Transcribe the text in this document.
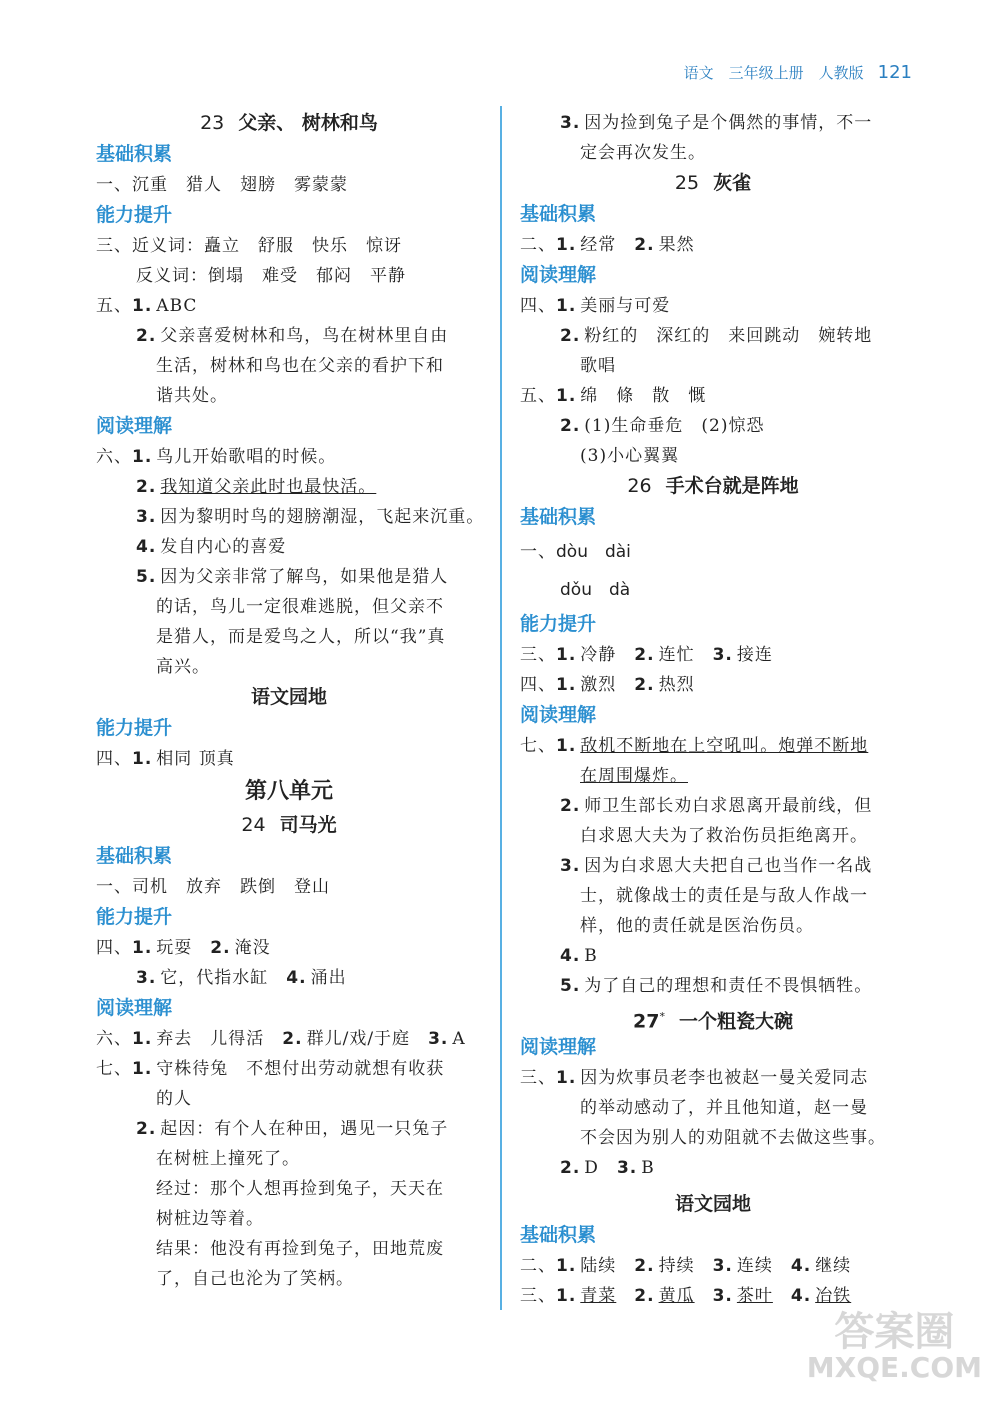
语文　三年级上册　人教版 121
23 父亲、 树林和鸟
基础积累
一、沉重　猎人　翅膀　雾蒙蒙
能力提升
三、近义词：矗立　舒服　快乐　惊讶
反义词：倒塌　难受　郁闷　平静
五、1. ABC
2. 父亲喜爱树林和鸟，鸟在树林里自由
生活，树林和鸟也在父亲的看护下和
谐共处。
阅读理解
六、1. 鸟儿开始歌唱的时候。
2. 我知道父亲此时也最快活。
3. 因为黎明时鸟的翅膀潮湿，飞起来沉重。
4. 发自内心的喜爱
5. 因为父亲非常了解鸟，如果他是猎人
的话，鸟儿一定很难逃脱，但父亲不
是猎人，而是爱鸟之人，所以“我”真
高兴。
语文园地
能力提升
四、1. 相同 顶真
第八单元
24 司马光
基础积累
一、司机　放弃　跌倒　登山
能力提升
四、1. 玩耍　2. 淹没
3. 它，代指水缸　4. 涌出
阅读理解
六、1. 弃去　儿得活　2. 群儿/戏/于庭　3. A
七、1. 守株待兔　不想付出劳动就想有收获
的人
2. 起因：有个人在种田，遇见一只兔子
在树桩上撞死了。
经过：那个人想再捡到兔子，天天在
树桩边等着。
结果：他没有再捡到兔子，田地荒废
了，自己也沦为了笑柄。
3. 因为捡到兔子是个偶然的事情，不一
定会再次发生。
25 灰雀
基础积累
二、1. 经常　2. 果然
阅读理解
四、1. 美丽与可爱
2. 粉红的　深红的　来回跳动　婉转地
歌唱
五、1. 绵　條　散　慨
2. (1)生命垂危　(2)惊恐
(3)小心翼翼
26 手术台就是阵地
基础积累
一、dòu　dài
dǒu　dà
能力提升
三、1. 冷静　2. 连忙　3. 接连
四、1. 激烈　2. 热烈
阅读理解
七、1. 敌机不断地在上空吼叫。炮弹不断地
在周围爆炸。
2. 师卫生部长劝白求恩离开最前线，但
白求恩大夫为了救治伤员拒绝离开。
3. 因为白求恩大夫把自己也当作一名战
士，就像战士的责任是与敌人作战一
样，他的责任就是医治伤员。
4. B
5. 为了自己的理想和责任不畏惧牺牲。
27* 一个粗瓷大碗
阅读理解
三、1. 因为炊事员老李也被赵一曼关爱同志
的举动感动了，并且他知道，赵一曼
不会因为别人的劝阻就不去做这些事。
2. D　3. B
语文园地
基础积累
二、1. 陆续　2. 持续　3. 连续　4. 继续
三、1. 青菜　 2. 黄瓜　 3. 茶叶　 4. 冶铁
答案圈
MXQE.COM
